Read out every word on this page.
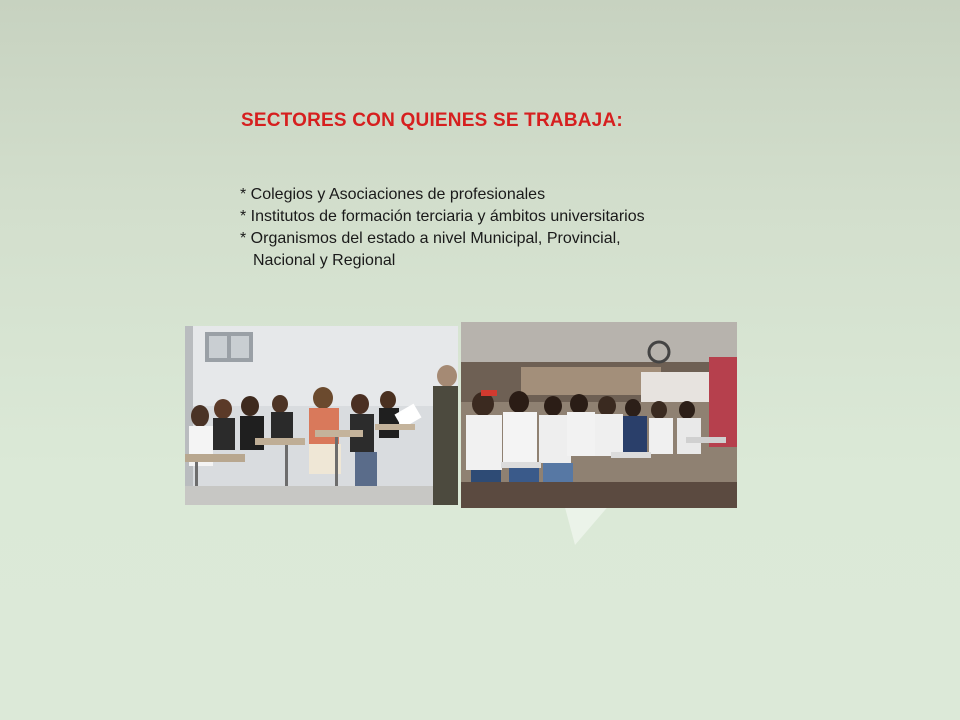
SECTORES CON QUIENES SE TRABAJA:
* Colegios y Asociaciones de profesionales
* Institutos de formación terciaria y ámbitos universitarios
* Organismos del estado a nivel Municipal, Provincial,
Nacional y Regional
